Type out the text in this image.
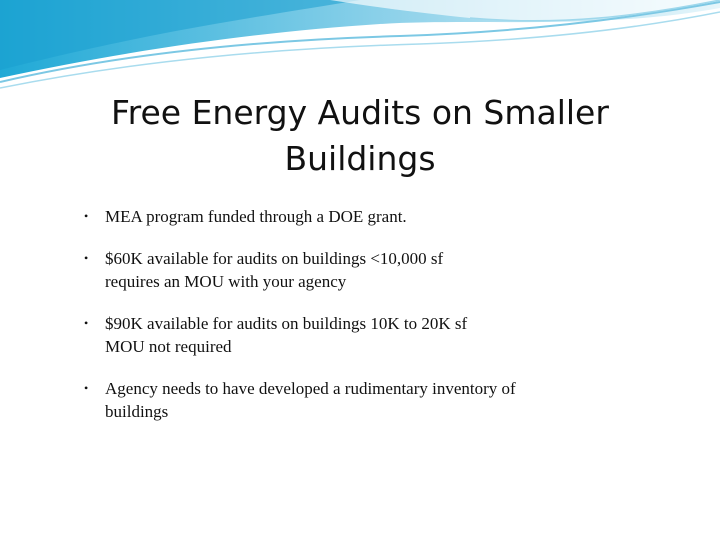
Free Energy Audits on Smaller
Buildings
• MEA program funded through a DOE grant.
• $60K available for audits on buildings <10,000 sf
requires an MOU with your agency
• $90K available for audits on buildings 10K to 20K sf
MOU not required
• Agency needs to have developed a rudimentary inventory of
buildings
